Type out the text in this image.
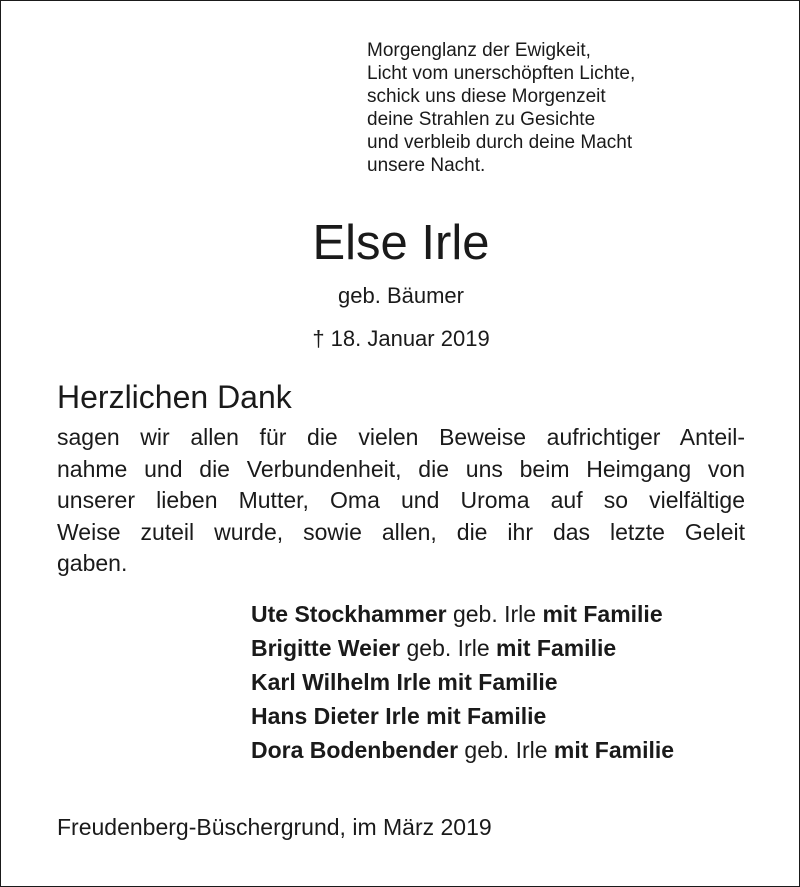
Morgenglanz der Ewigkeit,
Licht vom unerschöpften Lichte,
schick uns diese Morgenzeit
deine Strahlen zu Gesichte
und verbleib durch deine Macht
unsere Nacht.
Else Irle
geb. Bäumer
† 18. Januar 2019
Herzlichen Dank
sagen wir allen für die vielen Beweise aufrichtiger Anteil-
nahme und die Verbundenheit, die uns beim Heimgang von
unserer lieben Mutter, Oma und Uroma auf so vielfältige
Weise zuteil wurde, sowie allen, die ihr das letzte Geleit
gaben.
Ute Stockhammer geb. Irle mit Familie
Brigitte Weier geb. Irle mit Familie
Karl Wilhelm Irle mit Familie
Hans Dieter Irle mit Familie
Dora Bodenbender geb. Irle mit Familie
Freudenberg-Büschergrund, im März 2019
